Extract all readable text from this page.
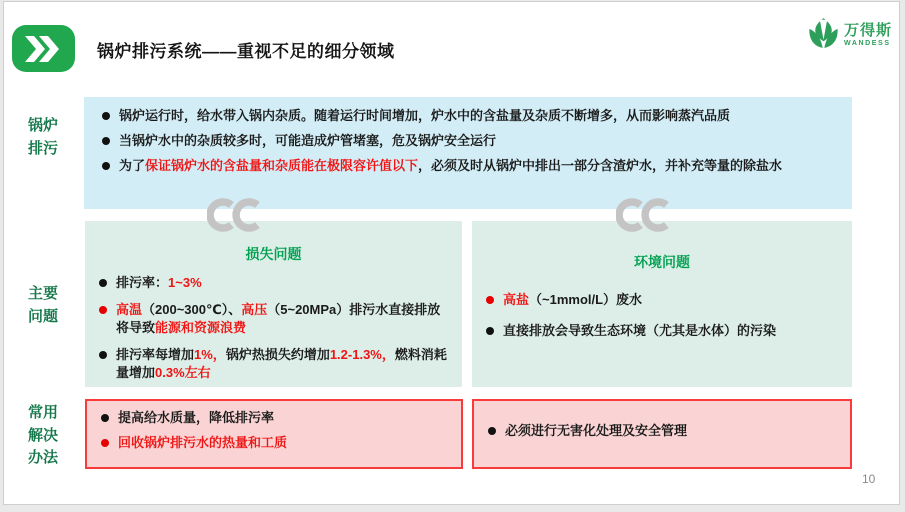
锅炉排污系统——重视不足的细分领域
万得斯
WANDESS
锅炉
排污
主要
问题
常用
解决
办法
锅炉运行时，给水带入锅内杂质。随着运行时间增加，炉水中的含盐量及杂质不断增多，从而影响蒸汽品质
当锅炉水中的杂质较多时，可能造成炉管堵塞，危及锅炉安全运行
为了保证锅炉水的含盐量和杂质能在极限容许值以下，必须及时从锅炉中排出一部分含渣炉水，并补充等量的除盐水
损失问题
排污率：1~3%
高温（200~300℃）、高压（5~20MPa）排污水直接排放将导致能源和资源浪费
排污率每增加1%，锅炉热损失约增加1.2-1.3%，燃料消耗量增加0.3%左右
环境问题
高盐（~1mmol/L）废水
直接排放会导致生态环境（尤其是水体）的污染
提高给水质量，降低排污率
回收锅炉排污水的热量和工质
必须进行无害化处理及安全管理
10
